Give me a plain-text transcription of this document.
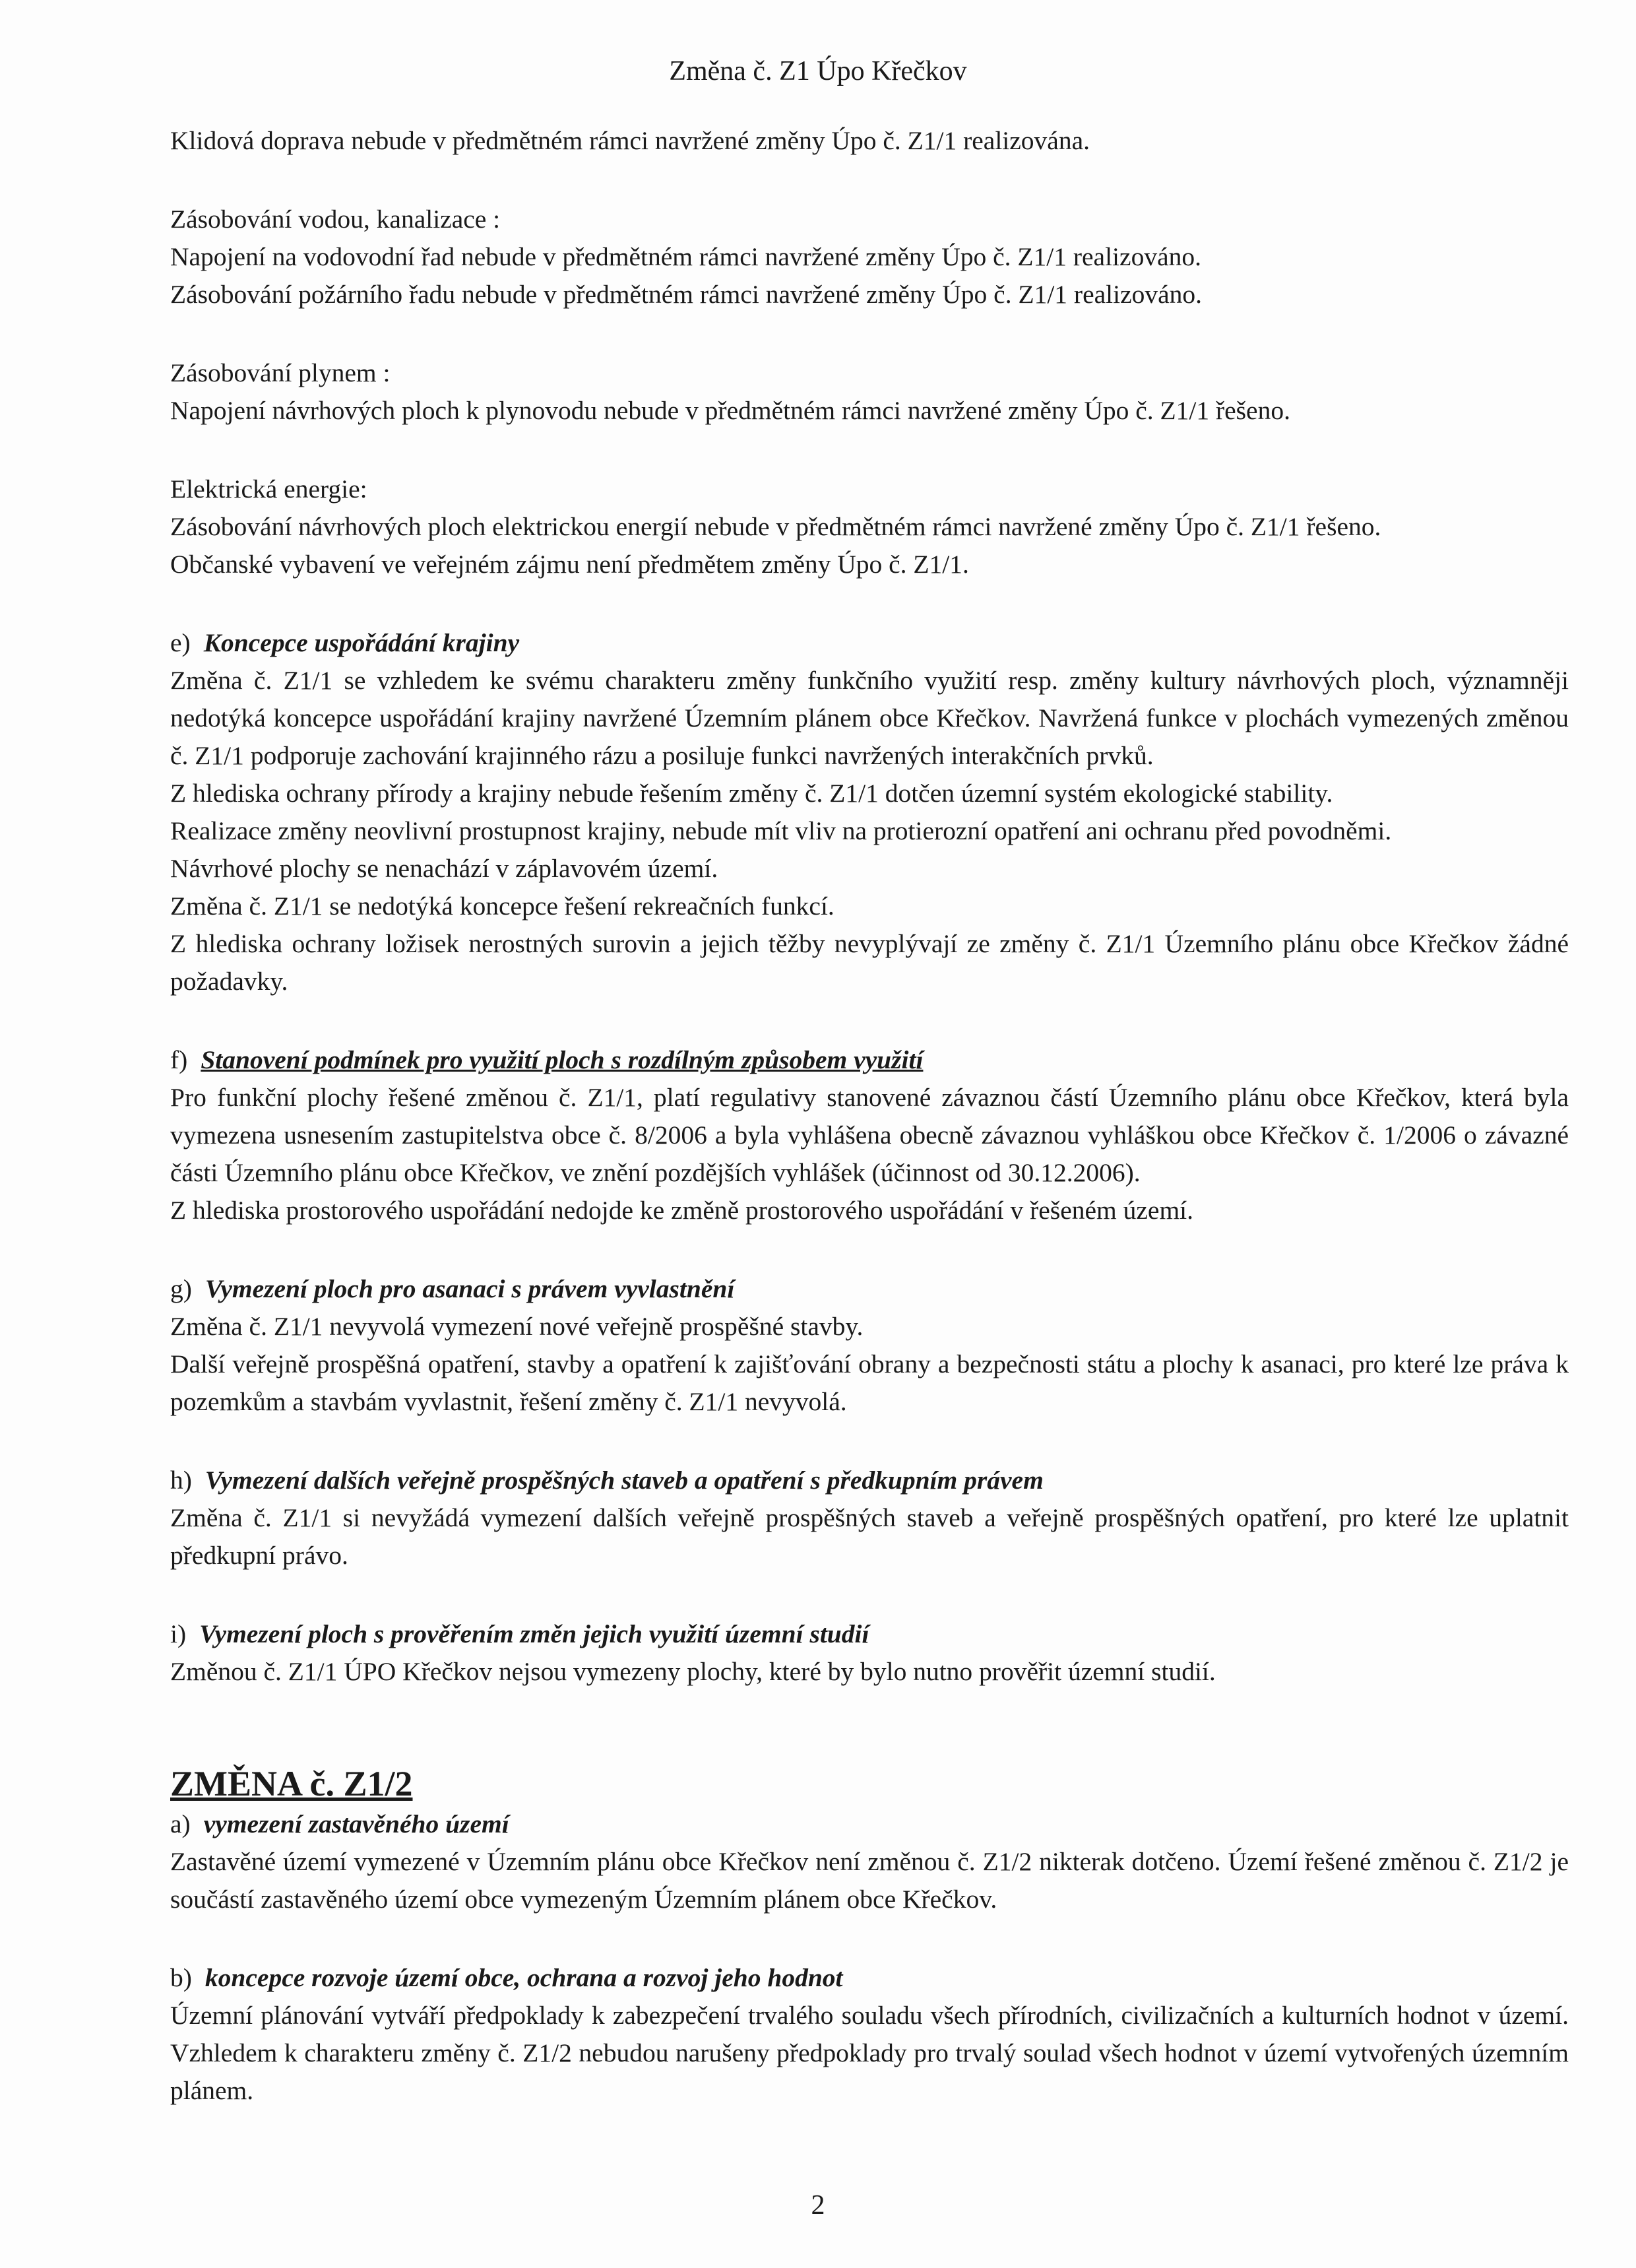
Změna č. Z1 Úpo Křečkov

Klidová doprava nebude v předmětném rámci navržené změny Úpo č. Z1/1 realizována.

Zásobování vodou, kanalizace :

Napojení na vodovodní řad nebude v předmětném rámci navržené změny Úpo č. Z1/1 realizováno.

Zásobování požárního řadu nebude v předmětném rámci navržené změny Úpo č. Z1/1 realizováno.

Zásobování plynem :

Napojení návrhových ploch k plynovodu nebude v předmětném rámci navržené změny Úpo č. Z1/1 řešeno.

Elektrická energie:

Zásobování návrhových ploch elektrickou energií nebude v předmětném rámci navržené změny Úpo č. Z1/1 řešeno.

Občanské vybavení ve veřejném zájmu není předmětem změny Úpo č. Z1/1.

e) Koncepce uspořádání krajiny

Změna č. Z1/1 se vzhledem ke svému charakteru změny funkčního využití resp. změny kultury návrhových ploch, významněji nedotýká koncepce uspořádání krajiny navržené Územním plánem obce Křečkov. Navržená funkce v plochách vymezených změnou č. Z1/1 podporuje zachování krajinného rázu a posiluje funkci navržených interakčních prvků.

Z hlediska ochrany přírody a krajiny nebude řešením změny č. Z1/1 dotčen územní systém ekologické stability.

Realizace změny neovlivní prostupnost krajiny, nebude mít vliv na protierozní opatření ani ochranu před povodněmi.

Návrhové plochy se nenachází v záplavovém území.

Změna č. Z1/1 se nedotýká koncepce řešení rekreačních funkcí.

Z hlediska ochrany ložisek nerostných surovin a jejich těžby nevyplývají ze změny č. Z1/1 Územního plánu obce Křečkov žádné požadavky.

f) Stanovení podmínek pro využití ploch s rozdílným způsobem využití

Pro funkční plochy řešené změnou č. Z1/1, platí regulativy stanovené závaznou částí Územního plánu obce Křečkov, která byla vymezena usnesením zastupitelstva obce č. 8/2006 a byla vyhlášena obecně závaznou vyhláškou obce Křečkov č. 1/2006 o závazné části Územního plánu obce Křečkov, ve znění pozdějších vyhlášek (účinnost od 30.12.2006).

Z hlediska prostorového uspořádání nedojde ke změně prostorového uspořádání v řešeném území.

g) Vymezení ploch pro asanaci s právem vyvlastnění

Změna č. Z1/1 nevyvolá vymezení nové veřejně prospěšné stavby.

Další veřejně prospěšná opatření, stavby a opatření k zajišťování obrany a bezpečnosti státu a plochy k asanaci, pro které lze práva k pozemkům a stavbám vyvlastnit, řešení změny č. Z1/1 nevyvolá.

h) Vymezení dalších veřejně prospěšných staveb a opatření s předkupním právem

Změna č. Z1/1 si nevyžádá vymezení dalších veřejně prospěšných staveb a veřejně prospěšných opatření, pro které lze uplatnit předkupní právo.

i) Vymezení ploch s prověřením změn jejich využití územní studií

Změnou č. Z1/1 ÚPO Křečkov nejsou vymezeny plochy, které by bylo nutno prověřit územní studií.

ZMĚNA č. Z1/2

a) vymezení zastavěného území

Zastavěné území vymezené v Územním plánu obce Křečkov není změnou č. Z1/2 nikterak dotčeno. Území řešené změnou č. Z1/2 je součástí zastavěného území obce vymezeným Územním plánem obce Křečkov.

b) koncepce rozvoje území obce, ochrana a rozvoj jeho hodnot

Územní plánování vytváří předpoklady k zabezpečení trvalého souladu všech přírodních, civilizačních a kulturních hodnot v území. Vzhledem k charakteru změny č. Z1/2 nebudou narušeny předpoklady pro trvalý soulad všech hodnot v území vytvořených územním plánem.

2
